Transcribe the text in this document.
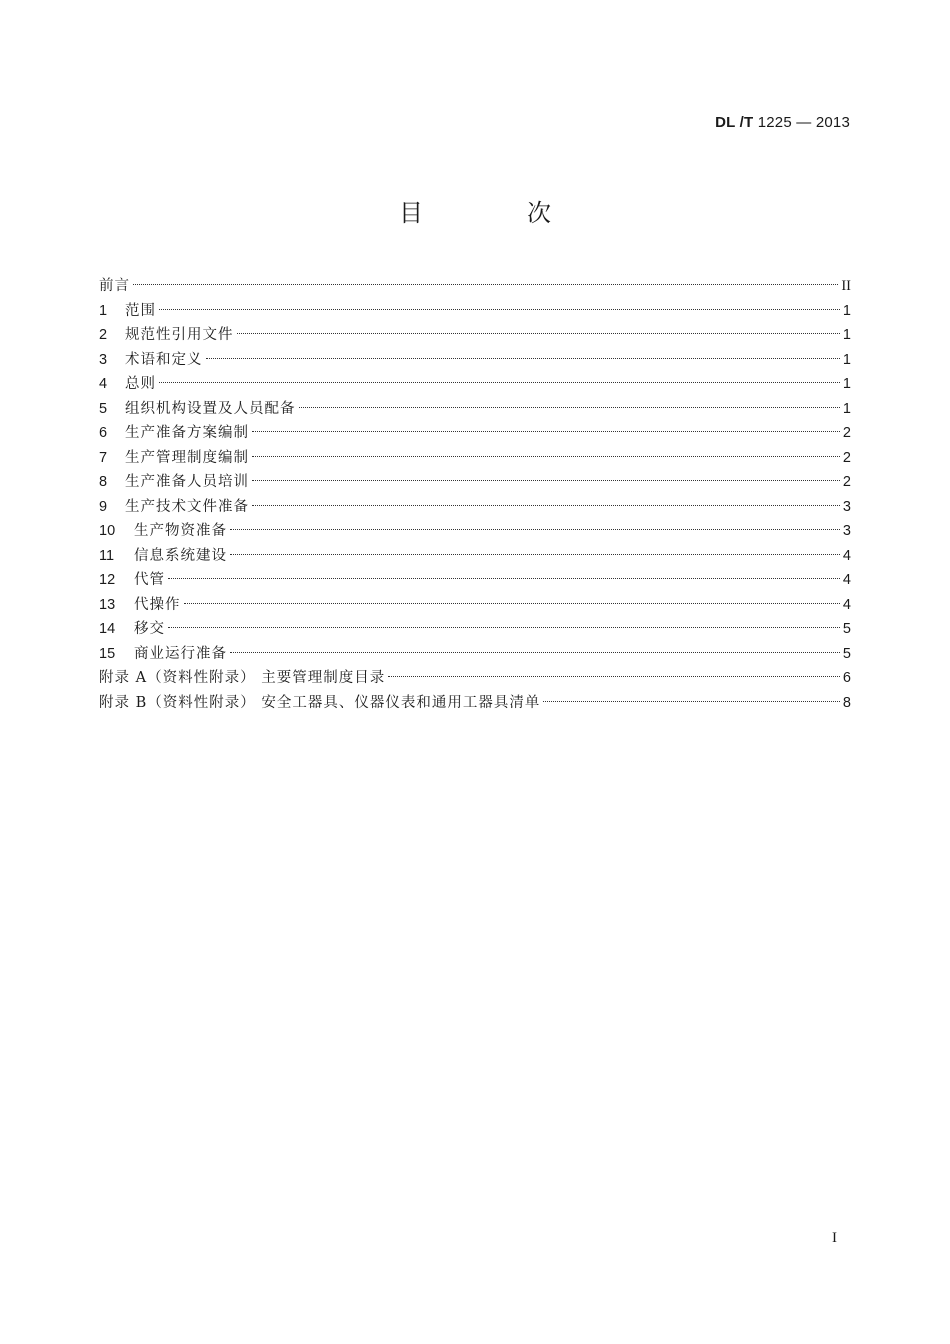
DL /T 1225 — 2013
目　次
前言	II
1	范围	1
2	规范性引用文件	1
3	术语和定义	1
4	总则	1
5	组织机构设置及人员配备	1
6	生产准备方案编制	2
7	生产管理制度编制	2
8	生产准备人员培训	2
9	生产技术文件准备	3
10	生产物资准备	3
11	信息系统建设	4
12	代管	4
13	代操作	4
14	移交	5
15	商业运行准备	5
附录 A（资料性附录） 主要管理制度目录	6
附录 B（资料性附录） 安全工器具、仪器仪表和通用工器具清单	8
I
